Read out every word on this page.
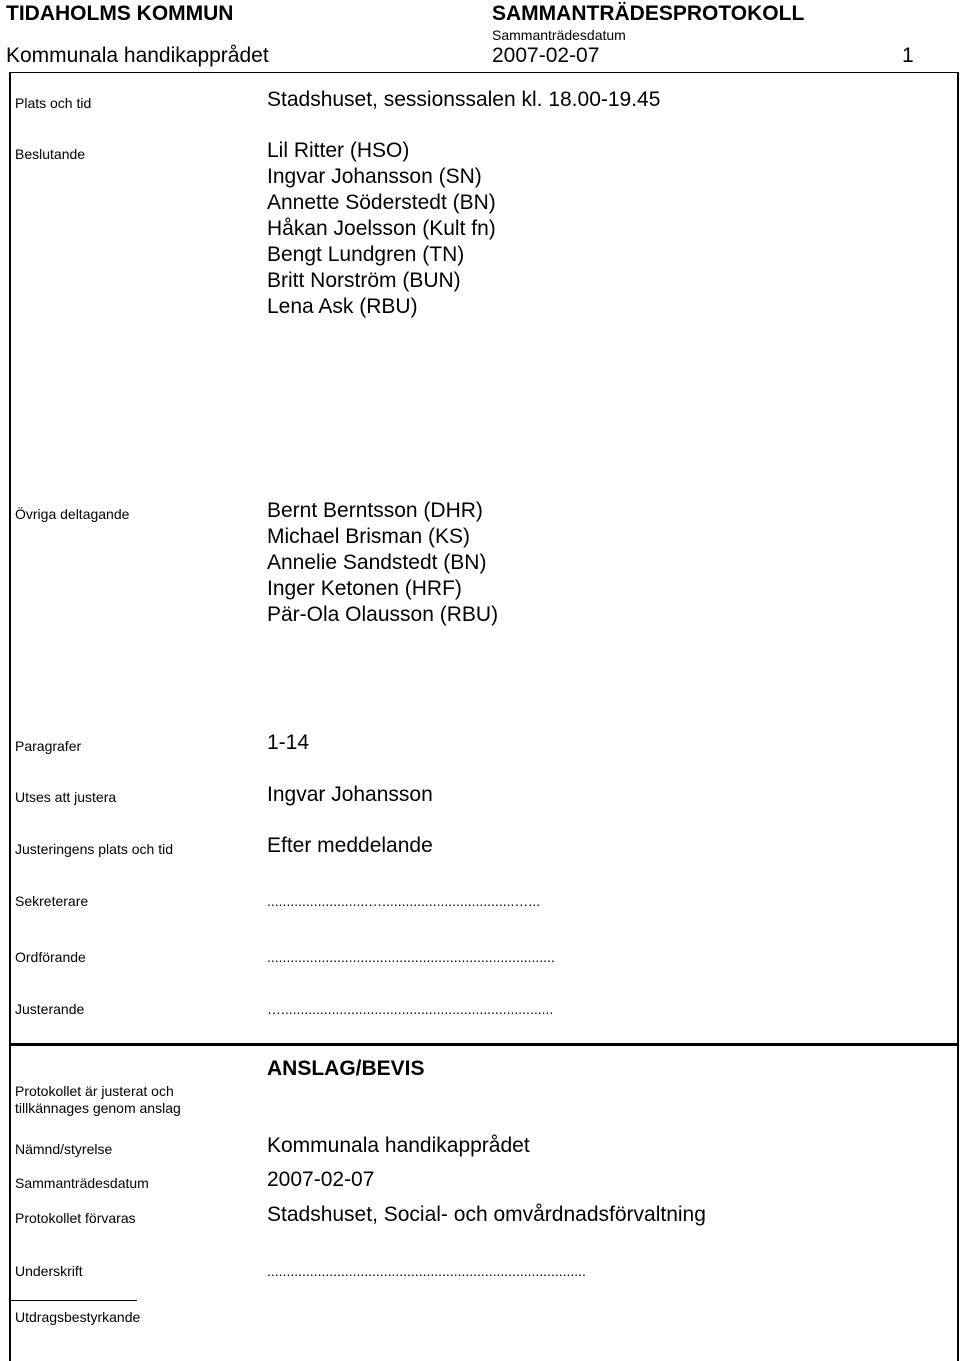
TIDAHOLMS KOMMUN
Kommunala handikapprådet
SAMMANTRÄDESPROTOKOLL
Sammanträdesdatum
2007-02-07	1
Plats och tid	Stadshuset, sessionssalen kl. 18.00-19.45
Beslutande	Lil Ritter (HSO)
Ingvar Johansson (SN)
Annette Söderstedt (BN)
Håkan Joelsson (Kult fn)
Bengt Lundgren (TN)
Britt Norström (BUN)
Lena Ask (RBU)
Övriga deltagande	Bernt Berntsson (DHR)
Michael Brisman (KS)
Annelie Sandstedt (BN)
Inger Ketonen (HRF)
Pär-Ola Olausson (RBU)
Paragrafer	1-14
Utses att justera	Ingvar Johansson
Justeringens plats och tid	Efter meddelande
Sekreterare	..........................…..................................…...
Ordförande	..........................................................................
Justerande	…......................................................................
ANSLAG/BEVIS
Protokollet är justerat och
tillkännages genom anslag
Nämnd/styrelse	Kommunala handikapprådet
Sammanträdesdatum	2007-02-07
Protokollet förvaras	Stadshuset, Social- och omvårdnadsförvaltning
Underskrift	..................................................................................
Utdragsbestyrkande
